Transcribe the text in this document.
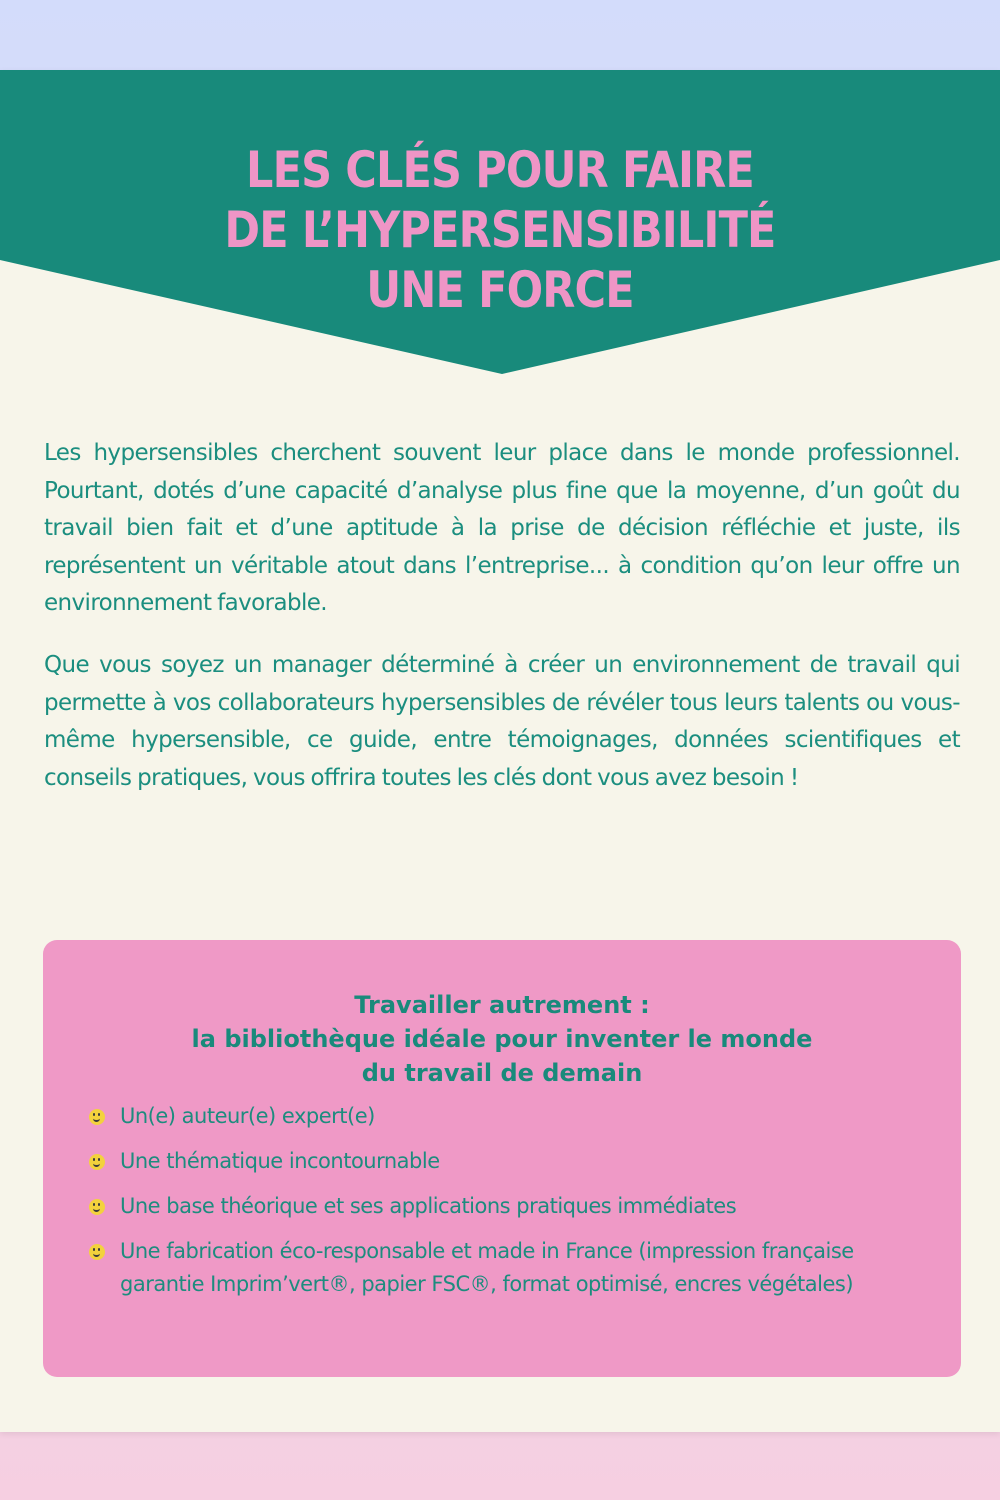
LES CLÉS POUR FAIRE
DE L’HYPERSENSIBILITÉ
UNE FORCE

Les hypersensibles cherchent souvent leur place dans le monde professionnel. Pourtant, dotés d’une capacité d’analyse plus fine que la moyenne, d’un goût du travail bien fait et d’une aptitude à la prise de décision réfléchie et juste, ils représentent un véritable atout dans l’entreprise... à condition qu’on leur offre un environnement favorable.

Que vous soyez un manager déterminé à créer un environnement de travail qui permette à vos collaborateurs hypersensibles de révéler tous leurs talents ou vous-même hypersensible, ce guide, entre témoignages, données scientifiques et conseils pratiques, vous offrira toutes les clés dont vous avez besoin !

Travailler autrement :
la bibliothèque idéale pour inventer le monde
du travail de demain
Un(e) auteur(e) expert(e)
Une thématique incontournable
Une base théorique et ses applications pratiques immédiates
Une fabrication éco-responsable et made in France (impression française garantie Imprim’vert®, papier FSC®, format optimisé, encres végétales)
